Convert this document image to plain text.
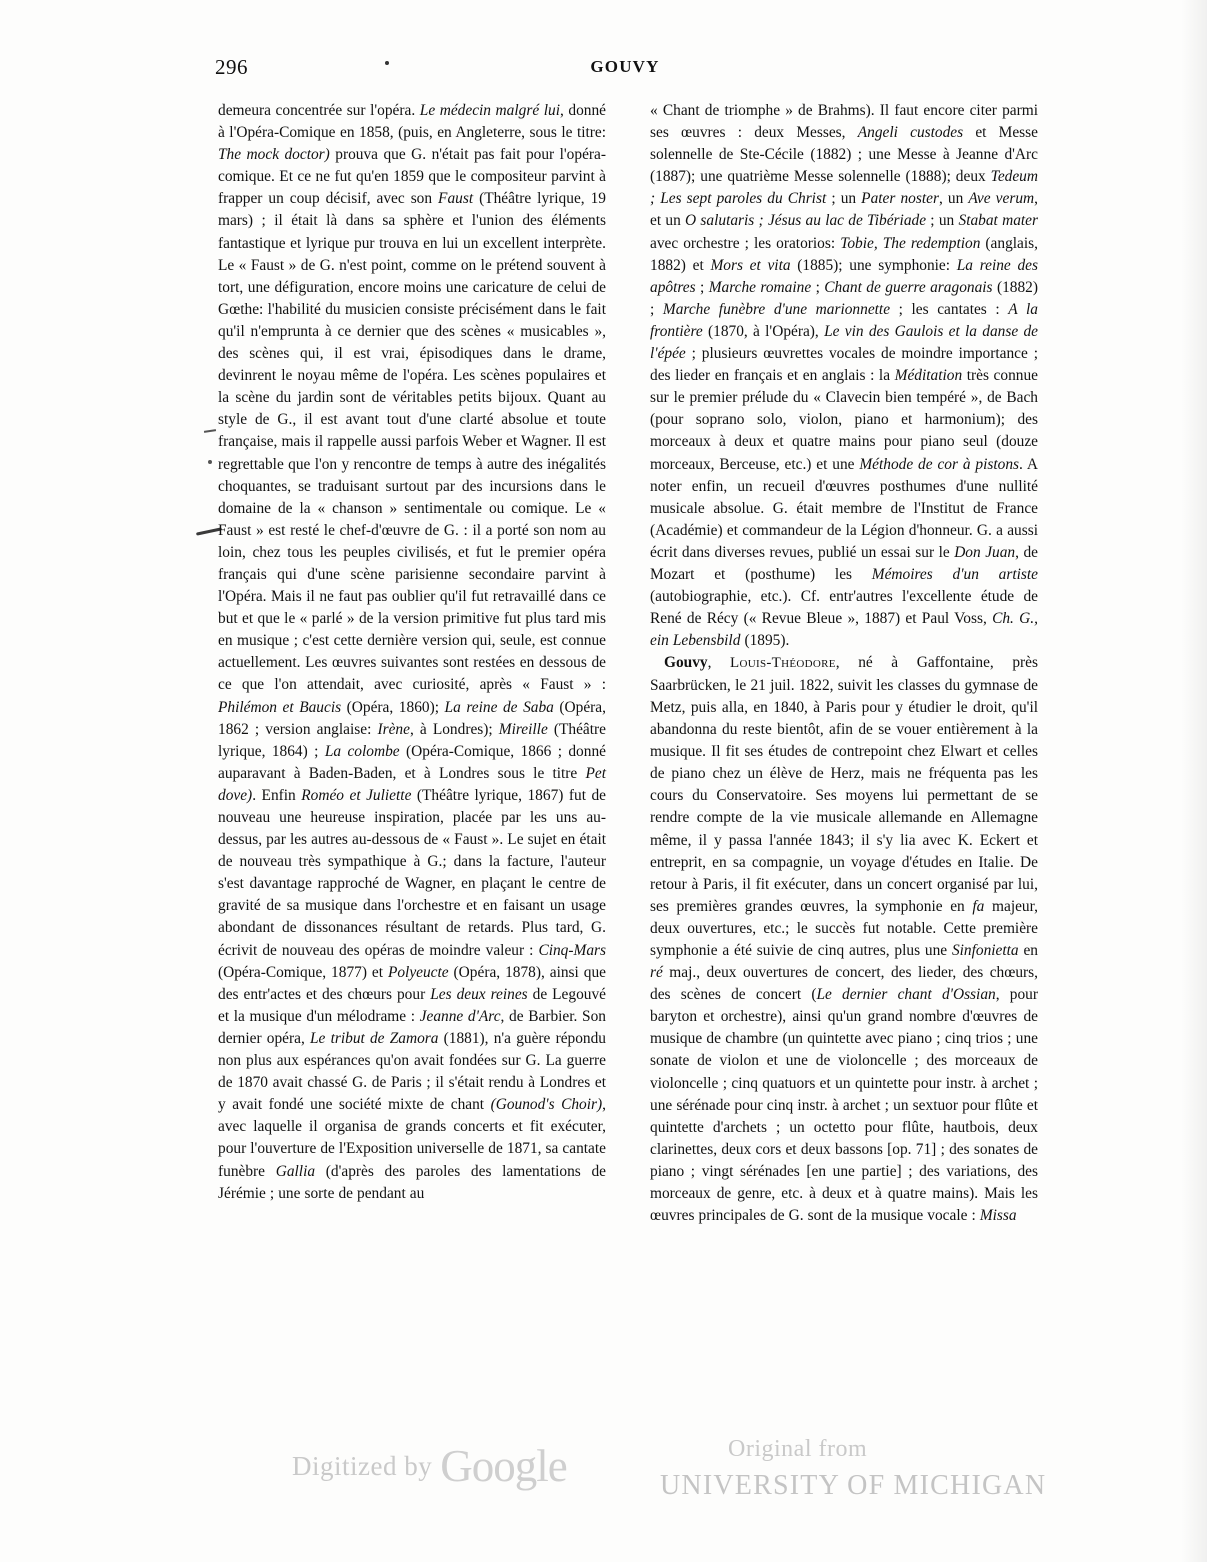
296	GOUVY

demeura concentrée sur l'opéra. Le médecin malgré lui, donné à l'Opéra-Comique en 1858, (puis, en Angleterre, sous le titre: The mock doctor) prouva que G. n'était pas fait pour l'opéra-comique. Et ce ne fut qu'en 1859 que le compositeur parvint à frapper un coup décisif, avec son Faust (Théâtre lyrique, 19 mars) ; il était là dans sa sphère et l'union des éléments fantastique et lyrique pur trouva en lui un excellent interprète. Le « Faust » de G. n'est point, comme on le prétend souvent à tort, une défiguration, encore moins une caricature de celui de Gœthe: l'habilité du musicien consiste précisément dans le fait qu'il n'emprunta à ce dernier que des scènes « musicables », des scènes qui, il est vrai, épisodiques dans le drame, devinrent le noyau même de l'opéra. Les scènes populaires et la scène du jardin sont de véritables petits bijoux. Quant au style de G., il est avant tout d'une clarté absolue et toute française, mais il rappelle aussi parfois Weber et Wagner. Il est regrettable que l'on y rencontre de temps à autre des inégalités choquantes, se traduisant surtout par des incursions dans le domaine de la « chanson » sentimentale ou comique. Le « Faust » est resté le chef-d'œuvre de G. : il a porté son nom au loin, chez tous les peuples civilisés, et fut le premier opéra français qui d'une scène parisienne secondaire parvint à l'Opéra. Mais il ne faut pas oublier qu'il fut retravaillé dans ce but et que le « parlé » de la version primitive fut plus tard mis en musique ; c'est cette dernière version qui, seule, est connue actuellement. Les œuvres suivantes sont restées en dessous de ce que l'on attendait, avec curiosité, après « Faust » : Philémon et Baucis (Opéra, 1860); La reine de Saba (Opéra, 1862 ; version anglaise: Irène, à Londres); Mireille (Théâtre lyrique, 1864) ; La colombe (Opéra-Comique, 1866 ; donné auparavant à Baden-Baden, et à Londres sous le titre Pet dove). Enfin Roméo et Juliette (Théâtre lyrique, 1867) fut de nouveau une heureuse inspiration, placée par les uns au-dessus, par les autres au-dessous de « Faust ». Le sujet en était de nouveau très sympathique à G.; dans la facture, l'auteur s'est davantage rapproché de Wagner, en plaçant le centre de gravité de sa musique dans l'orchestre et en faisant un usage abondant de dissonances résultant de retards. Plus tard, G. écrivit de nouveau des opéras de moindre valeur : Cinq-Mars (Opéra-Comique, 1877) et Polyeucte (Opéra, 1878), ainsi que des entr'actes et des chœurs pour Les deux reines de Legouvé et la musique d'un mélodrame : Jeanne d'Arc, de Barbier. Son dernier opéra, Le tribut de Zamora (1881), n'a guère répondu non plus aux espérances qu'on avait fondées sur G. La guerre de 1870 avait chassé G. de Paris ; il s'était rendu à Londres et y avait fondé une société mixte de chant (Gounod's Choir), avec laquelle il organisa de grands concerts et fit exécuter, pour l'ouverture de l'Exposition universelle de 1871, sa cantate funèbre Gallia (d'après des paroles des lamentations de Jérémie ; une sorte de pendant au

« Chant de triomphe » de Brahms). Il faut encore citer parmi ses œuvres : deux Messes, Angeli custodes et Messe solennelle de Ste-Cécile (1882) ; une Messe à Jeanne d'Arc (1887); une quatrième Messe solennelle (1888); deux Tedeum ; Les sept paroles du Christ ; un Pater noster, un Ave verum, et un O salutaris ; Jésus au lac de Tibériade ; un Stabat mater avec orchestre ; les oratorios: Tobie, The redemption (anglais, 1882) et Mors et vita (1885); une symphonie: La reine des apôtres ; Marche romaine ; Chant de guerre aragonais (1882) ; Marche funèbre d'une marionnette ; les cantates : A la frontière (1870, à l'Opéra), Le vin des Gaulois et la danse de l'épée ; plusieurs œuvrettes vocales de moindre importance ; des lieder en français et en anglais : la Méditation très connue sur le premier prélude du « Clavecin bien tempéré », de Bach (pour soprano solo, violon, piano et harmonium); des morceaux à deux et quatre mains pour piano seul (douze morceaux, Berceuse, etc.) et une Méthode de cor à pistons. A noter enfin, un recueil d'œuvres posthumes d'une nullité musicale absolue. G. était membre de l'Institut de France (Académie) et commandeur de la Légion d'honneur. G. a aussi écrit dans diverses revues, publié un essai sur le Don Juan, de Mozart et (posthume) les Mémoires d'un artiste (autobiographie, etc.). Cf. entr'autres l'excellente étude de René de Récy (« Revue Bleue », 1887) et Paul Voss, Ch. G., ein Lebensbild (1895).

Gouvy, Louis-Théodore, né à Gaffontaine, près Saarbrücken, le 21 juil. 1822, suivit les classes du gymnase de Metz, puis alla, en 1840, à Paris pour y étudier le droit, qu'il abandonna du reste bientôt, afin de se vouer entièrement à la musique. Il fit ses études de contrepoint chez Elwart et celles de piano chez un élève de Herz, mais ne fréquenta pas les cours du Conservatoire. Ses moyens lui permettant de se rendre compte de la vie musicale allemande en Allemagne même, il y passa l'année 1843; il s'y lia avec K. Eckert et entreprit, en sa compagnie, un voyage d'études en Italie. De retour à Paris, il fit exécuter, dans un concert organisé par lui, ses premières grandes œuvres, la symphonie en fa majeur, deux ouvertures, etc.; le succès fut notable. Cette première symphonie a été suivie de cinq autres, plus une Sinfonietta en ré maj., deux ouvertures de concert, des lieder, des chœurs, des scènes de concert (Le dernier chant d'Ossian, pour baryton et orchestre), ainsi qu'un grand nombre d'œuvres de musique de chambre (un quintette avec piano ; cinq trios ; une sonate de violon et une de violoncelle ; des morceaux de violoncelle ; cinq quatuors et un quintette pour instr. à archet ; une sérénade pour cinq instr. à archet ; un sextuor pour flûte et quintette d'archets ; un octetto pour flûte, hautbois, deux clarinettes, deux cors et deux bassons [op. 71] ; des sonates de piano ; vingt sérénades [en une partie] ; des variations, des morceaux de genre, etc. à deux et à quatre mains). Mais les œuvres principales de G. sont de la musique vocale : Missa

Digitized by Google	Original from
UNIVERSITY OF MICHIGAN
